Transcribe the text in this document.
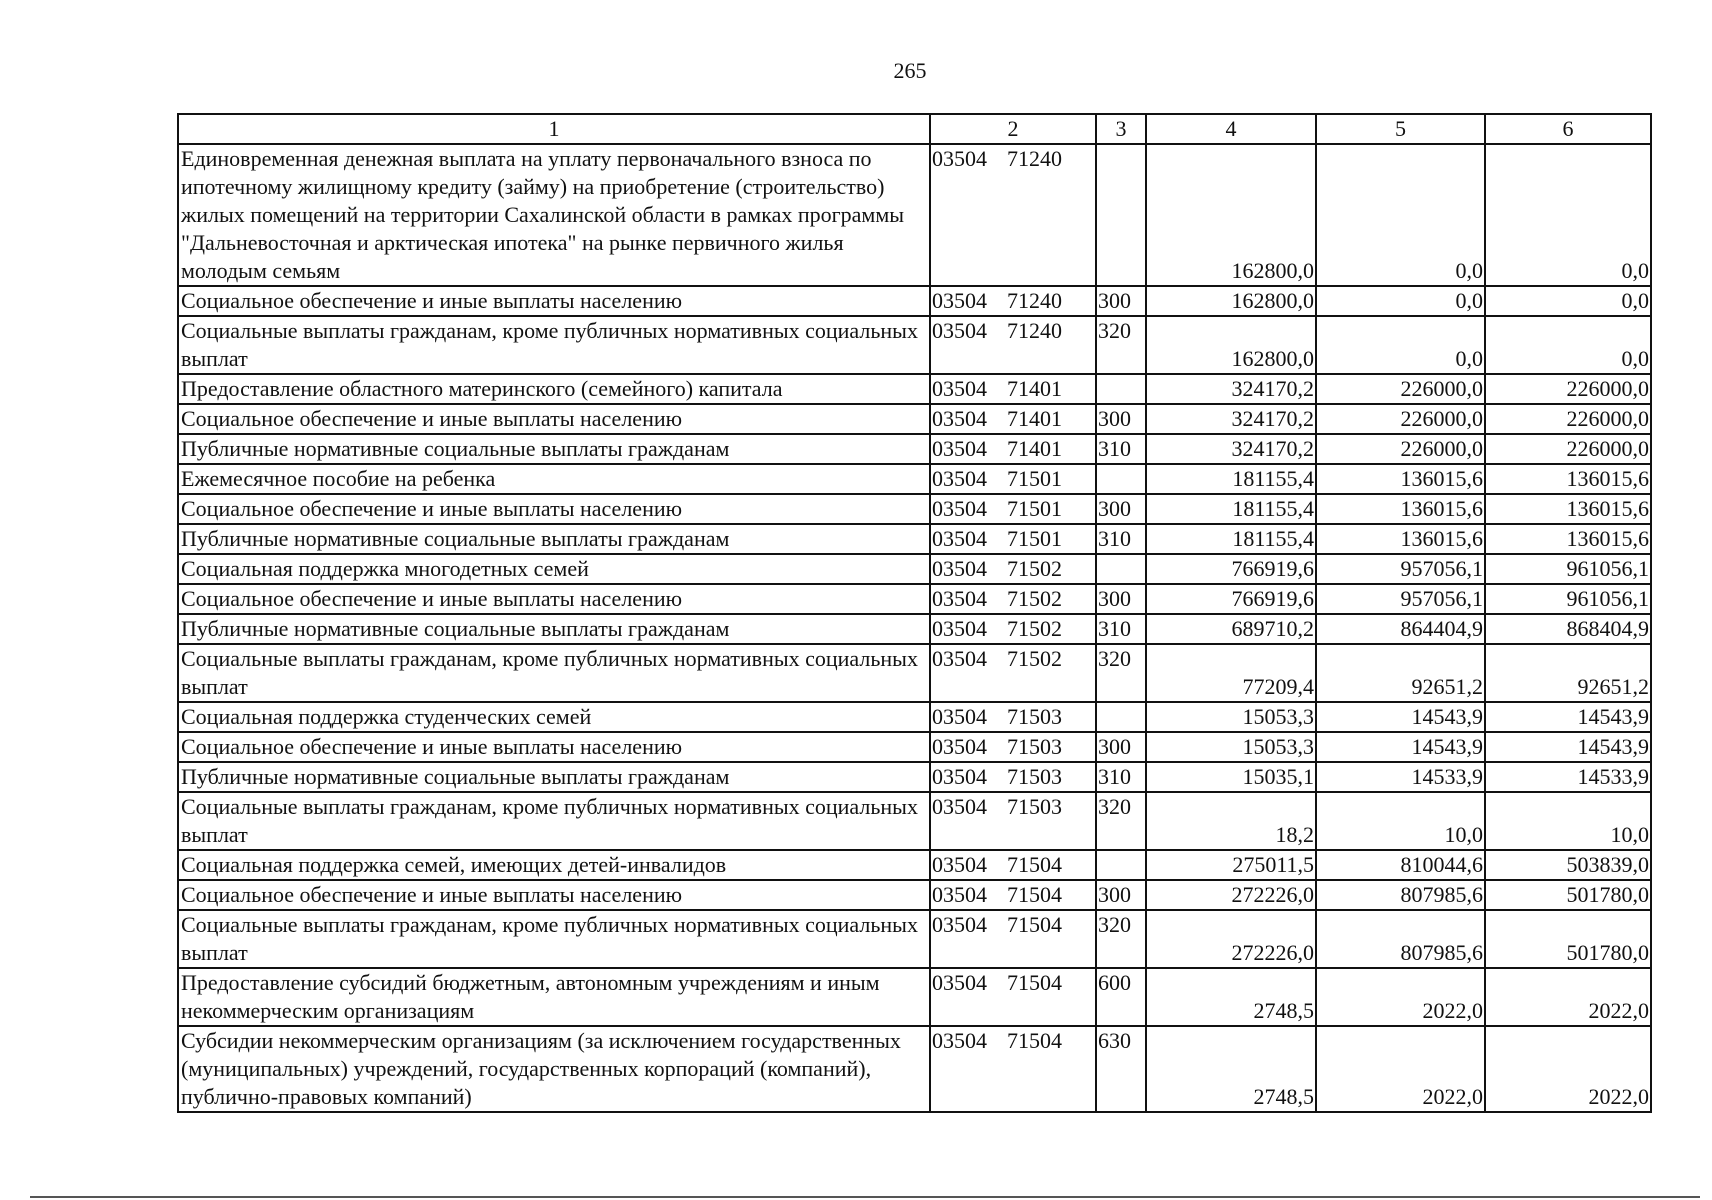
265
1	2	3	4	5	6
Единовременная денежная выплата на уплату первоначального взноса по ипотечному жилищному кредиту (займу) на приобретение (строительство) жилых помещений на территории Сахалинской области в рамках программы "Дальневосточная и арктическая ипотека" на рынке первичного жилья молодым семьям	03504 71240		162800,0	0,0	0,0
Социальное обеспечение и иные выплаты населению	03504 71240	300	162800,0	0,0	0,0
Социальные выплаты гражданам, кроме публичных нормативных социальных выплат	03504 71240	320	162800,0	0,0	0,0
Предоставление областного материнского (семейного) капитала	03504 71401		324170,2	226000,0	226000,0
Социальное обеспечение и иные выплаты населению	03504 71401	300	324170,2	226000,0	226000,0
Публичные нормативные социальные выплаты гражданам	03504 71401	310	324170,2	226000,0	226000,0
Ежемесячное пособие на ребенка	03504 71501		181155,4	136015,6	136015,6
Социальное обеспечение и иные выплаты населению	03504 71501	300	181155,4	136015,6	136015,6
Публичные нормативные социальные выплаты гражданам	03504 71501	310	181155,4	136015,6	136015,6
Социальная поддержка многодетных семей	03504 71502		766919,6	957056,1	961056,1
Социальное обеспечение и иные выплаты населению	03504 71502	300	766919,6	957056,1	961056,1
Публичные нормативные социальные выплаты гражданам	03504 71502	310	689710,2	864404,9	868404,9
Социальные выплаты гражданам, кроме публичных нормативных социальных выплат	03504 71502	320	77209,4	92651,2	92651,2
Социальная поддержка студенческих семей	03504 71503		15053,3	14543,9	14543,9
Социальное обеспечение и иные выплаты населению	03504 71503	300	15053,3	14543,9	14543,9
Публичные нормативные социальные выплаты гражданам	03504 71503	310	15035,1	14533,9	14533,9
Социальные выплаты гражданам, кроме публичных нормативных социальных выплат	03504 71503	320	18,2	10,0	10,0
Социальная поддержка семей, имеющих детей-инвалидов	03504 71504		275011,5	810044,6	503839,0
Социальное обеспечение и иные выплаты населению	03504 71504	300	272226,0	807985,6	501780,0
Социальные выплаты гражданам, кроме публичных нормативных социальных выплат	03504 71504	320	272226,0	807985,6	501780,0
Предоставление субсидий бюджетным, автономным учреждениям и иным некоммерческим организациям	03504 71504	600	2748,5	2022,0	2022,0
Субсидии некоммерческим организациям (за исключением государственных (муниципальных) учреждений, государственных корпораций (компаний), публично-правовых компаний)	03504 71504	630	2748,5	2022,0	2022,0
